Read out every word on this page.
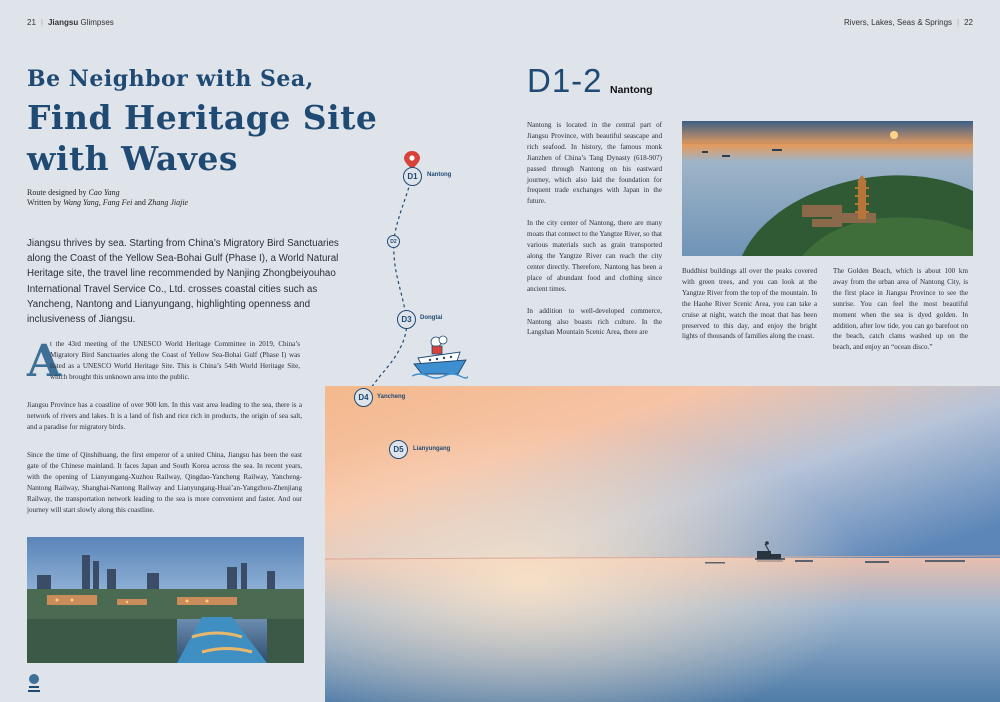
21 | Jiangsu Glimpses	Rivers, Lakes, Seas & Springs | 22
Be Neighbor with Sea,
Find Heritage Site
with Waves
Route designed by Cao Yang
Written by Wang Yang, Fang Fei and Zhang Jiajie
Jiangsu thrives by sea. Starting from China’s Migratory Bird Sanctuaries along the Coast of the Yellow Sea-Bohai Gulf (Phase I), a World Natural Heritage site, the travel line recommended by Nanjing Zhongbeiyouhao International Travel Service Co., Ltd. crosses coastal cities such as Yancheng, Nantong and Lianyungang, highlighting openness and inclusiveness of Jiangsu.
A
t the 43rd meeting of the UNESCO World Heritage Committee in 2019, China’s Migratory Bird Sanctuaries along the Coast of Yellow Sea-Bohai Gulf (Phase I) was listed as a UNESCO World Heritage Site. This is China’s 54th World Heritage Site, which brought this unknown area into the public.
Jiangsu Province has a coastline of over 900 km. In this vast area leading to the sea, there is a network of rivers and lakes. It is a land of fish and rice rich in products, the origin of sea salt, and a paradise for migratory birds.
Since the time of Qinshihuang, the first emperor of a united China, Jiangsu has been the east gate of the Chinese mainland. It faces Japan and South Korea across the sea. In recent years, with the opening of Lianyungang-Xuzhou Railway, Qingdao-Yancheng Railway, Yancheng-Nantong Railway, Shanghai-Nantong Railway and Lianyungang-Huai’an-Yangzhou-Zhenjiang Railway, the transportation network leading to the sea is more convenient and faster. And our journey will start slowly along this coastline.
D1 Nantong
D2
D3 Dongtai
D4 Yancheng
D5 Lianyungang
D1-2 Nantong
Nantong is located in the central part of Jiangsu Province, with beautiful seascape and rich seafood. In history, the famous monk Jianzhen of China’s Tang Dynasty (618-907) passed through Nantong on his eastward journey, which also laid the foundation for frequent trade exchanges with Japan in the future.
In the city center of Nantong, there are many moats that connect to the Yangtze River, so that various materials such as grain transported along the Yangtze River can reach the city center directly. Therefore, Nantong has been a place of abundant food and clothing since ancient times.
In addition to well-developed commerce, Nantong also boasts rich culture. In the Langshan Mountain Scenic Area, there are
Buddhist buildings all over the peaks covered with green trees, and you can look at the Yangtze River from the top of the mountain. In the Haohe River Scenic Area, you can take a cruise at night, watch the moat that has been preserved to this day, and enjoy the bright lights of thousands of families along the coast.
The Golden Beach, which is about 100 km away from the urban area of Nantong City, is the first place in Jiangsu Province to see the sunrise. You can feel the most beautiful moment when the sea is dyed golden. In addition, after low tide, you can go barefoot on the beach, catch clams washed up on the beach, and enjoy an “ocean disco.”
